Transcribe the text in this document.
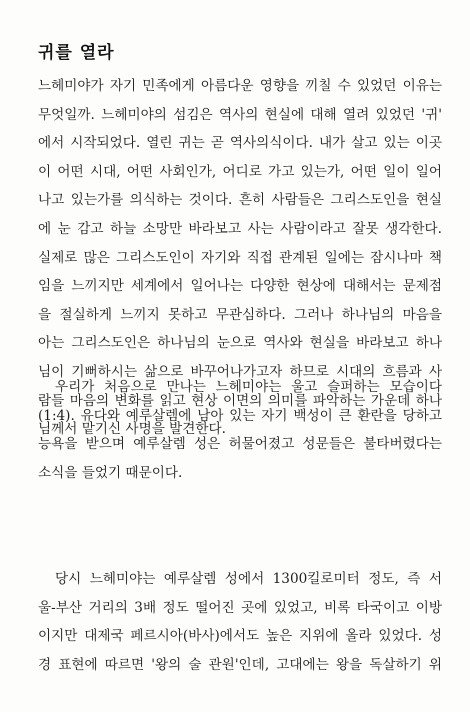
귀를 열라
느헤미야가 자기 민족에게 아름다운 영향을 끼칠 수 있었던 이유는
무엇일까. 느헤미야의 섬김은 역사의 현실에 대해 열려 있었던 '귀'
에서 시작되었다. 열린 귀는 곧 역사의식이다. 내가 살고 있는 이곳
이 어떤 시대, 어떤 사회인가, 어디로 가고 있는가, 어떤 일이 일어
나고 있는가를 의식하는 것이다. 흔히 사람들은 그리스도인을 현실
에 눈 감고 하늘 소망만 바라보고 사는 사람이라고 잘못 생각한다.
실제로 많은 그리스도인이 자기와 직접 관계된 일에는 잠시나마 책
임을 느끼지만 세계에서 일어나는 다양한 현상에 대해서는 문제점
을 절실하게 느끼지 못하고 무관심하다. 그러나 하나님의 마음을
아는 그리스도인은 하나님의 눈으로 역사와 현실을 바라보고 하나
님이 기뻐하시는 삶으로 바꾸어나가고자 하므로 시대의 흐름과 사
람들 마음의 변화를 읽고 현상 이면의 의미를 파악하는 가운데 하나
님께서 맡기신 사명을 발견한다.
우리가 처음으로 만나는 느헤미야는 울고 슬퍼하는 모습이다
(1:4). 유다와 예루살렘에 남아 있는 자기 백성이 큰 환란을 당하고
능욕을 받으며 예루살렘 성은 허물어졌고 성문들은 불타버렸다는
소식을 들었기 때문이다.
당시 느헤미야는 예루살렘 성에서 1300킬로미터 정도, 즉 서
울-부산 거리의 3배 정도 떨어진 곳에 있었고, 비록 타국이고 이방
이지만 대제국 페르시아(바사)에서도 높은 지위에 올라 있었다. 성
경 표현에 따르면 '왕의 술 관원'인데, 고대에는 왕을 독살하기 위
